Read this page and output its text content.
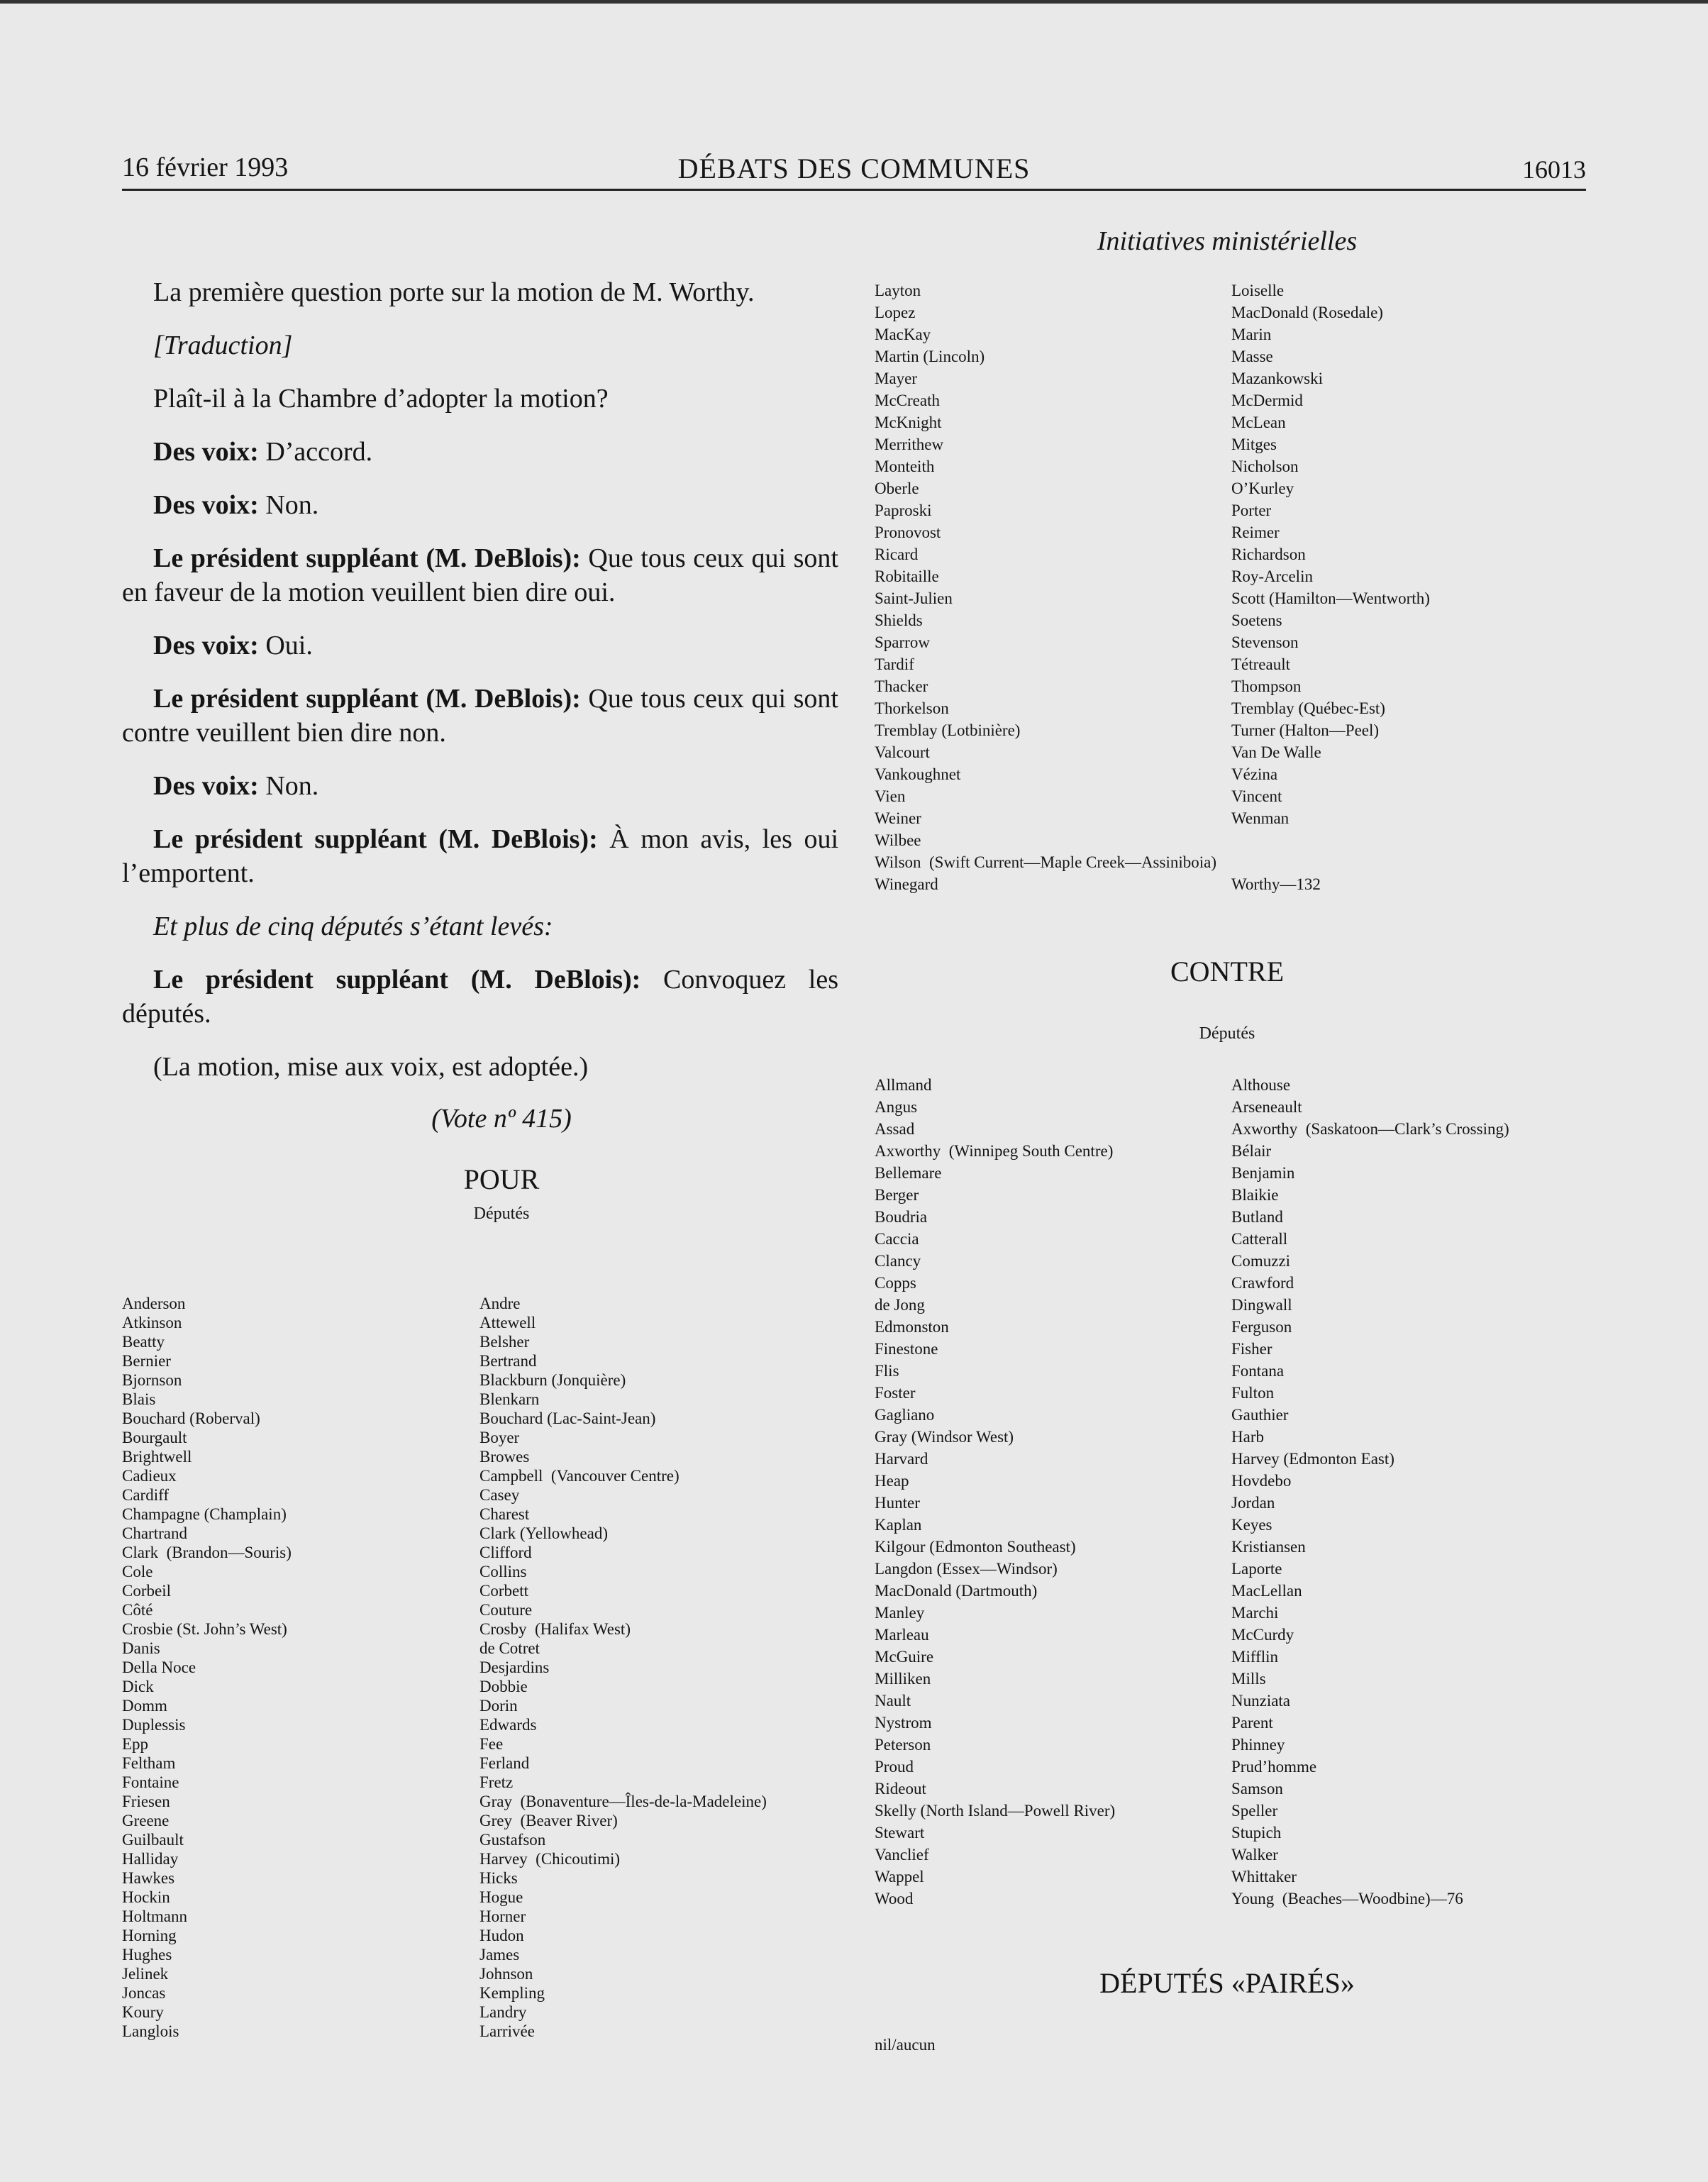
16 février 1993	DÉBATS DES COMMUNES	16013
Initiatives ministérielles

La première question porte sur la motion de M. Worthy.

[Traduction]

Plaît-il à la Chambre d’adopter la motion?

Des voix: D’accord.

Des voix: Non.

Le président suppléant (M. DeBlois): Que tous ceux qui sont en faveur de la motion veuillent bien dire oui.

Des voix: Oui.

Le président suppléant (M. DeBlois): Que tous ceux qui sont contre veuillent bien dire non.

Des voix: Non.

Le président suppléant (M. DeBlois): À mon avis, les oui l’emportent.

Et plus de cinq députés s’étant levés:

Le président suppléant (M. DeBlois): Convoquez les députés.

(La motion, mise aux voix, est adoptée.)

(Vote nº 415)
POUR
Députés
Anderson
Atkinson
Beatty
Bernier
Bjornson
Blais
Bouchard (Roberval)
Bourgault
Brightwell
Cadieux
Cardiff
Champagne (Champlain)
Chartrand
Clark  (Brandon—Souris)
Cole
Corbeil
Côté
Crosbie (St. John’s West)
Danis
Della Noce
Dick
Domm
Duplessis
Epp
Feltham
Fontaine
Friesen
Greene
Guilbault
Halliday
Hawkes
Hockin
Holtmann
Horning
Hughes
Jelinek
Joncas
Koury
Langlois
Andre
Attewell
Belsher
Bertrand
Blackburn (Jonquière)
Blenkarn
Bouchard (Lac-Saint-Jean)
Boyer
Browes
Campbell  (Vancouver Centre)
Casey
Charest
Clark (Yellowhead)
Clifford
Collins
Corbett
Couture
Crosby  (Halifax West)
de Cotret
Desjardins
Dobbie
Dorin
Edwards
Fee
Ferland
Fretz
Gray  (Bonaventure—Îles-de-la-Madeleine)
Grey  (Beaver River)
Gustafson
Harvey  (Chicoutimi)
Hicks
Hogue
Horner
Hudon
James
Johnson
Kempling
Landry
Larrivée
Layton
Lopez
MacKay
Martin (Lincoln)
Mayer
McCreath
McKnight
Merrithew
Monteith
Oberle
Paproski
Pronovost
Ricard
Robitaille
Saint-Julien
Shields
Sparrow
Tardif
Thacker
Thorkelson
Tremblay (Lotbinière)
Valcourt
Vankoughnet
Vien
Weiner
Wilbee
Wilson  (Swift Current—Maple Creek—Assiniboia)
Winegard
Loiselle
MacDonald (Rosedale)
Marin
Masse
Mazankowski
McDermid
McLean
Mitges
Nicholson
O’Kurley
Porter
Reimer
Richardson
Roy-Arcelin
Scott (Hamilton—Wentworth)
Soetens
Stevenson
Tétreault
Thompson
Tremblay (Québec-Est)
Turner (Halton—Peel)
Van De Walle
Vézina
Vincent
Wenman
Worthy—132
CONTRE
Députés
Allmand
Angus
Assad
Axworthy  (Winnipeg South Centre)
Bellemare
Berger
Boudria
Caccia
Clancy
Copps
de Jong
Edmonston
Finestone
Flis
Foster
Gagliano
Gray (Windsor West)
Harvard
Heap
Hunter
Kaplan
Kilgour (Edmonton Southeast)
Langdon (Essex—Windsor)
MacDonald (Dartmouth)
Manley
Marleau
McGuire
Milliken
Nault
Nystrom
Peterson
Proud
Rideout
Skelly (North Island—Powell River)
Stewart
Vanclief
Wappel
Wood
Althouse
Arseneault
Axworthy  (Saskatoon—Clark’s Crossing)
Bélair
Benjamin
Blaikie
Butland
Catterall
Comuzzi
Crawford
Dingwall
Ferguson
Fisher
Fontana
Fulton
Gauthier
Harb
Harvey (Edmonton East)
Hovdebo
Jordan
Keyes
Kristiansen
Laporte
MacLellan
Marchi
McCurdy
Mifflin
Mills
Nunziata
Parent
Phinney
Prud’homme
Samson
Speller
Stupich
Walker
Whittaker
Young  (Beaches—Woodbine)—76
DÉPUTÉS «PAIRÉS»
nil/aucun
